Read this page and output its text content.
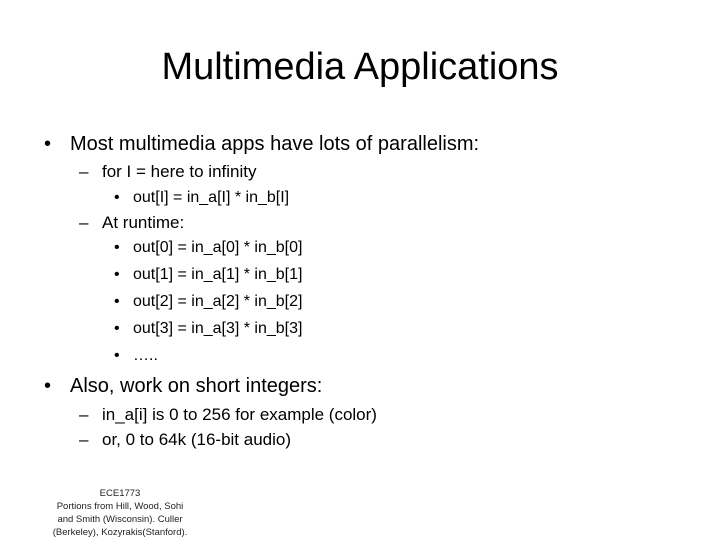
Multimedia Applications
• Most multimedia apps have lots of parallelism:
– for I = here to infinity
• out[I] = in_a[I] * in_b[I]
– At runtime:
• out[0] = in_a[0] * in_b[0]
• out[1] = in_a[1] * in_b[1]
• out[2] = in_a[2] * in_b[2]
• out[3] = in_a[3] * in_b[3]
• …..
• Also, work on short integers:
– in_a[i] is 0 to 256 for example (color)
– or, 0 to 64k (16-bit audio)
ECE1773
Portions from Hill, Wood, Sohi
and Smith (Wisconsin). Culler
(Berkeley), Kozyrakis(Stanford).
